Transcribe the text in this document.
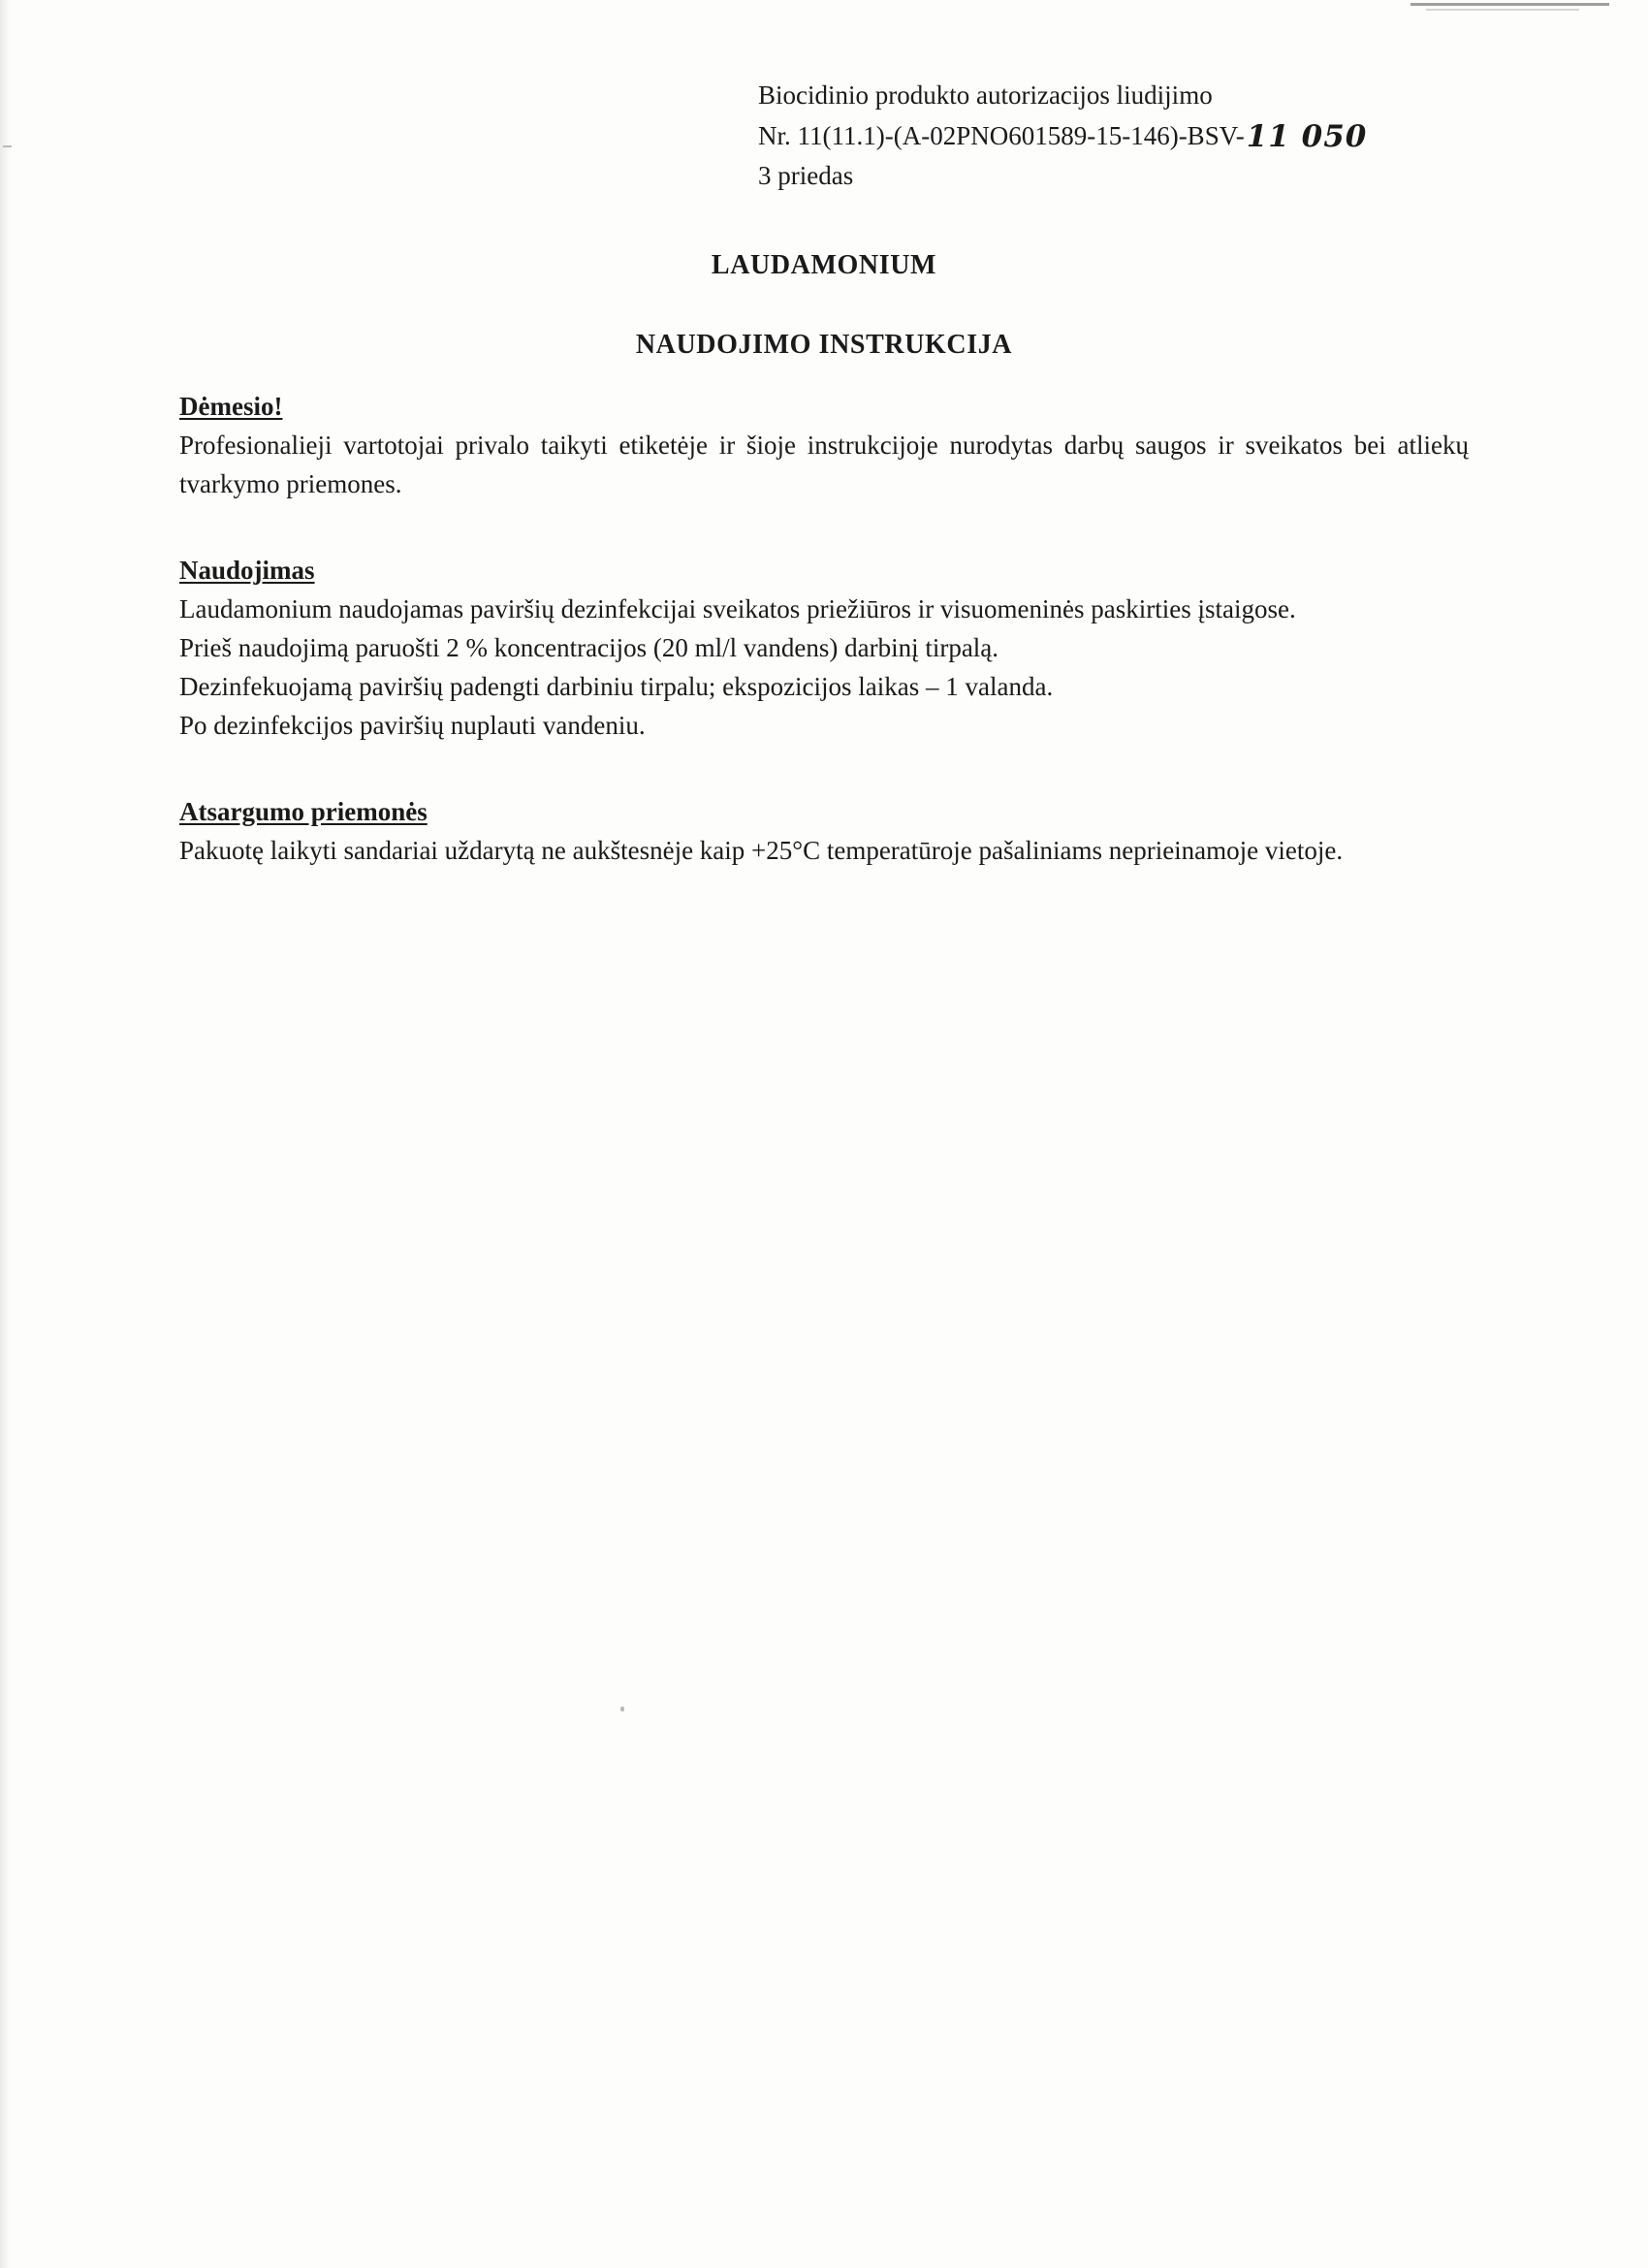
Biocidinio produkto autorizacijos liudijimo
Nr. 11(11.1)-(A-02PNO601589-15-146)-BSV-11 050
3 priedas
LAUDAMONIUM
NAUDOJIMO INSTRUKCIJA
Dėmesio!
Profesionalieji vartotojai privalo taikyti etiketėje ir šioje instrukcijoje nurodytas darbų saugos ir sveikatos bei atliekų tvarkymo priemones.
Naudojimas
Laudamonium naudojamas paviršių dezinfekcijai sveikatos priežiūros ir visuomeninės paskirties įstaigose.
Prieš naudojimą paruošti 2 % koncentracijos (20 ml/l vandens) darbinį tirpalą.
Dezinfekuojamą paviršių padengti darbiniu tirpalu; ekspozicijos laikas – 1 valanda.
Po dezinfekcijos paviršių nuplauti vandeniu.
Atsargumo priemonės
Pakuotę laikyti sandariai uždarytą ne aukštesnėje kaip +25°C temperatūroje pašaliniams neprieinamoje vietoje.
